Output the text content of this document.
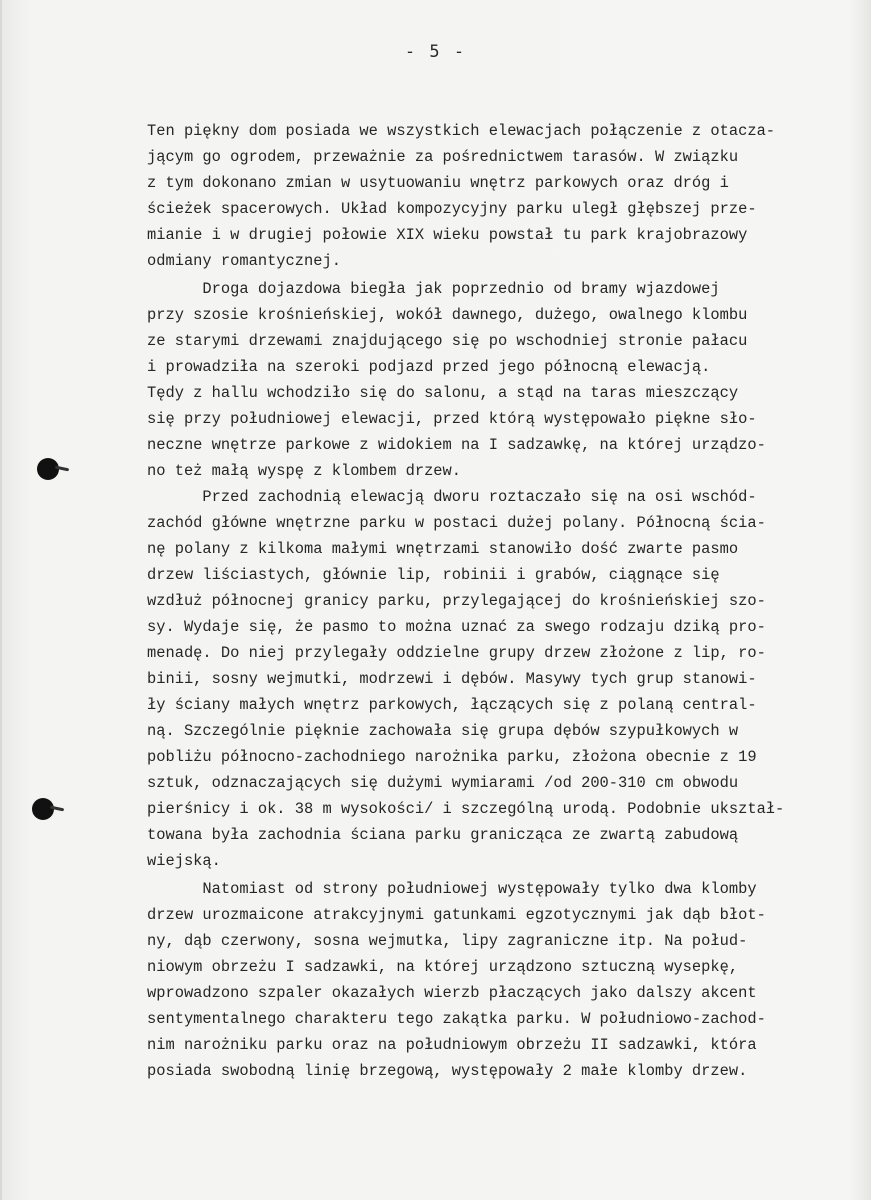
- 5 -
Ten piękny dom posiada we wszystkich elewacjach połączenie z otacza-
jącym go ogrodem, przeważnie za pośrednictwem tarasów. W związku
z tym dokonano zmian w usytuowaniu wnętrz parkowych oraz dróg i
ścieżek spacerowych. Układ kompozycyjny parku uległ głębszej prze-
mianie i w drugiej połowie XIX wieku powstał tu park krajobrazowy
odmiany romantycznej.
Droga dojazdowa biegła jak poprzednio od bramy wjazdowej
przy szosie krośnieńskiej, wokół dawnego, dużego, owalnego klombu
ze starymi drzewami znajdującego się po wschodniej stronie pałacu
i prowadziła na szeroki podjazd przed jego północną elewacją.
Tędy z hallu wchodziło się do salonu, a stąd na taras mieszczący
się przy południowej elewacji, przed którą występowało piękne sło-
neczne wnętrze parkowe z widokiem na I sadzawkę, na której urządzo-
no też małą wyspę z klombem drzew.
Przed zachodnią elewacją dworu roztaczało się na osi wschód-
zachód główne wnętrzne parku w postaci dużej polany. Północną ścia-
nę polany z kilkoma małymi wnętrzami stanowiło dość zwarte pasmo
drzew liściastych, głównie lip, robinii i grabów, ciągnące się
wzdłuż północnej granicy parku, przylegającej do krośnieńskiej szo-
sy. Wydaje się, że pasmo to można uznać za swego rodzaju dziką pro-
menadę. Do niej przylegały oddzielne grupy drzew złożone z lip, ro-
binii, sosny wejmutki, modrzewi i dębów. Masywy tych grup stanowi-
ły ściany małych wnętrz parkowych, łączących się z polaną central-
ną. Szczególnie pięknie zachowała się grupa dębów szypułkowych w
pobliżu północno-zachodniego narożnika parku, złożona obecnie z 19
sztuk, odznaczających się dużymi wymiarami /od 200-310 cm obwodu
pierśnicy i ok. 38 m wysokości/ i szczególną urodą. Podobnie ukształ-
towana była zachodnia ściana parku granicząca ze zwartą zabudową
wiejską.
Natomiast od strony południowej występowały tylko dwa klomby
drzew urozmaicone atrakcyjnymi gatunkami egzotycznymi jak dąb błot-
ny, dąb czerwony, sosna wejmutka, lipy zagraniczne itp. Na połud-
niowym obrzeżu I sadzawki, na której urządzono sztuczną wysepkę,
wprowadzono szpaler okazałych wierzb płaczących jako dalszy akcent
sentymentalnego charakteru tego zakątka parku. W południowo-zachod-
nim narożniku parku oraz na południowym obrzeżu II sadzawki, która
posiada swobodną linię brzegową, występowały 2 małe klomby drzew.
